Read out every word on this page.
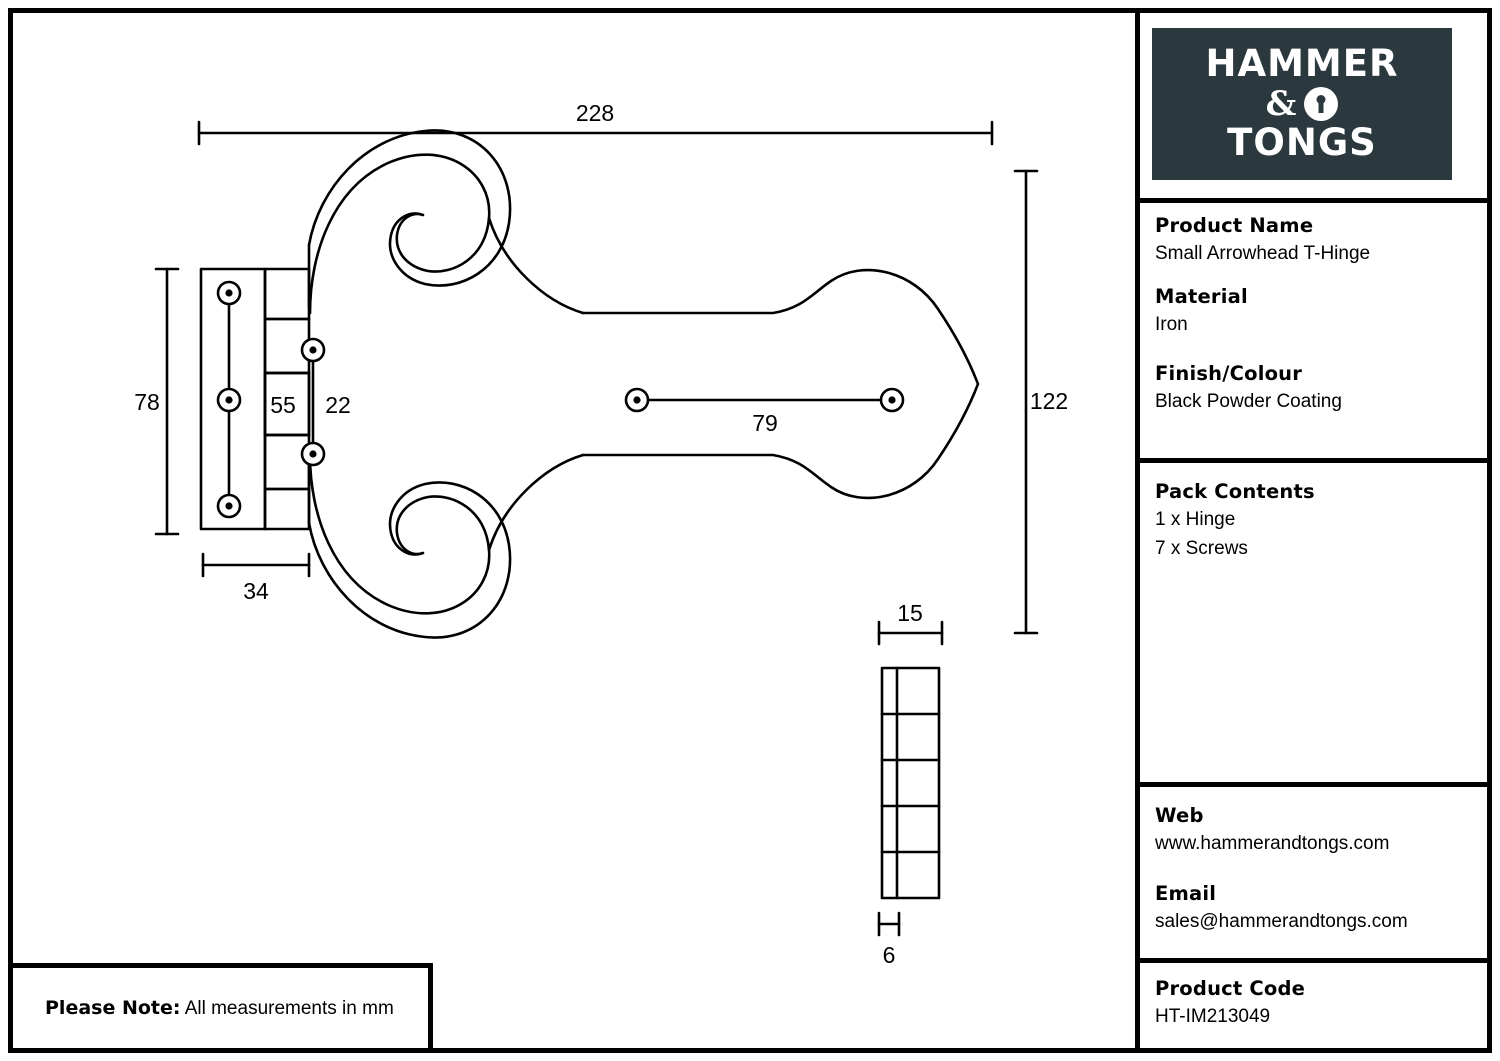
228
122
78
34
55 22
79
15
6
HAMMER
&
TONGS
Product Name
Small Arrowhead T-Hinge
Material
Iron
Finish/Colour
Black Powder Coating
Pack Contents
1 x Hinge
7 x Screws
Web
www.hammerandtongs.com
Email
sales@hammerandtongs.com
Product Code
HT-IM213049
Please Note: All measurements in mm
